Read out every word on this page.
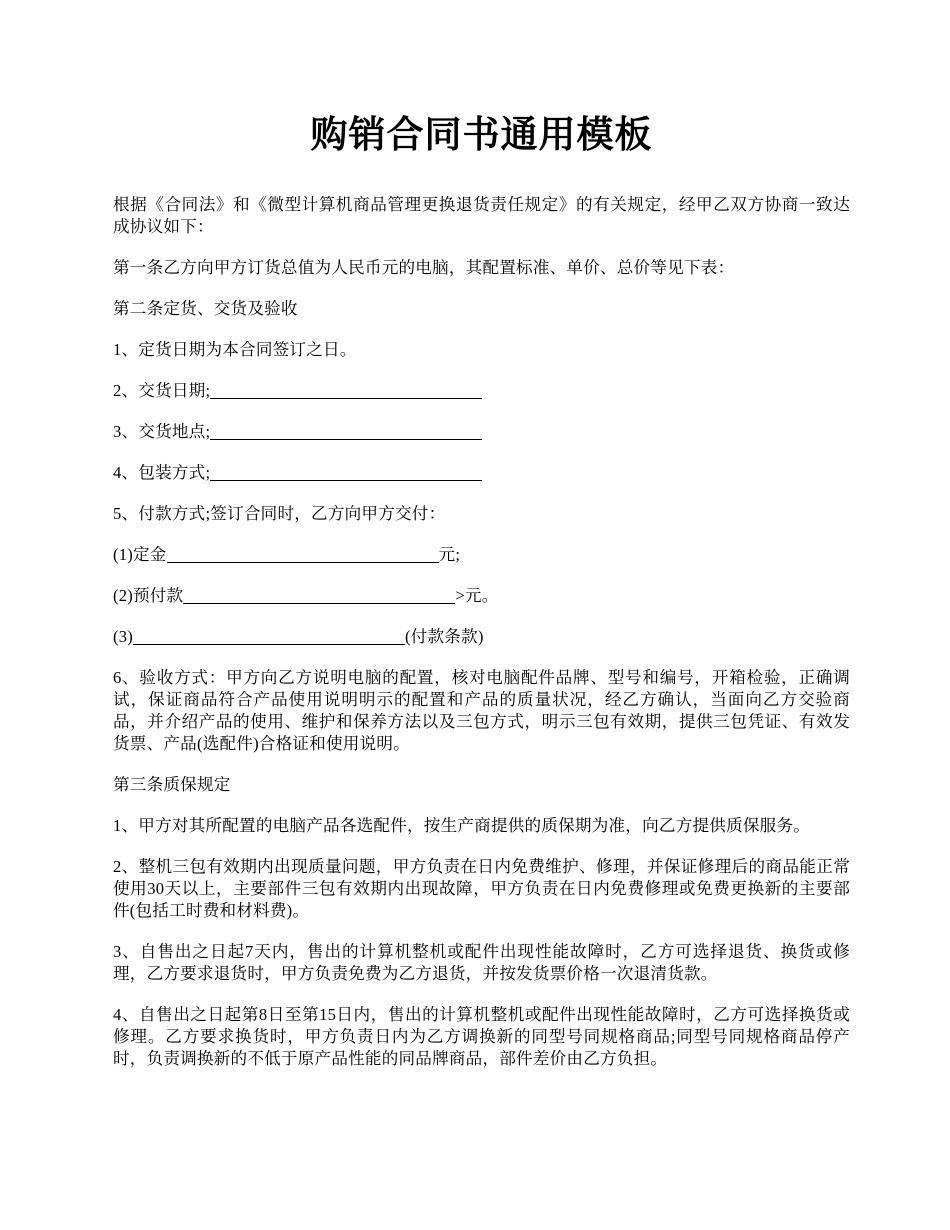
购销合同书通用模板

根据《合同法》和《微型计算机商品管理更换退货责任规定》的有关规定，经甲乙双方协商一致达成协议如下：

第一条乙方向甲方订货总值为人民币元的电脑，其配置标准、单价、总价等见下表：

第二条定货、交货及验收

1、定货日期为本合同签订之日。

2、交货日期;

3、交货地点;

4、包装方式;

5、付款方式;签订合同时，乙方向甲方交付：

(1)定金	元;

(2)预付款	>元。

(3)	(付款条款)

6、验收方式：甲方向乙方说明电脑的配置，核对电脑配件品牌、型号和编号，开箱检验，正确调试，保证商品符合产品使用说明明示的配置和产品的质量状况，经乙方确认，当面向乙方交验商品，并介绍产品的使用、维护和保养方法以及三包方式，明示三包有效期，提供三包凭证、有效发货票、产品(选配件)合格证和使用说明。

第三条质保规定

1、甲方对其所配置的电脑产品各选配件，按生产商提供的质保期为准，向乙方提供质保服务。

2、整机三包有效期内出现质量问题，甲方负责在日内免费维护、修理，并保证修理后的商品能正常使用30天以上，主要部件三包有效期内出现故障，甲方负责在日内免费修理或免费更换新的主要部件(包括工时费和材料费)。

3、自售出之日起7天内，售出的计算机整机或配件出现性能故障时，乙方可选择退货、换货或修理，乙方要求退货时，甲方负责免费为乙方退货，并按发货票价格一次退清货款。

4、自售出之日起第8日至第15日内，售出的计算机整机或配件出现性能故障时，乙方可选择换货或修理。乙方要求换货时，甲方负责日内为乙方调换新的同型号同规格商品;同型号同规格商品停产时，负责调换新的不低于原产品性能的同品牌商品，部件差价由乙方负担。
